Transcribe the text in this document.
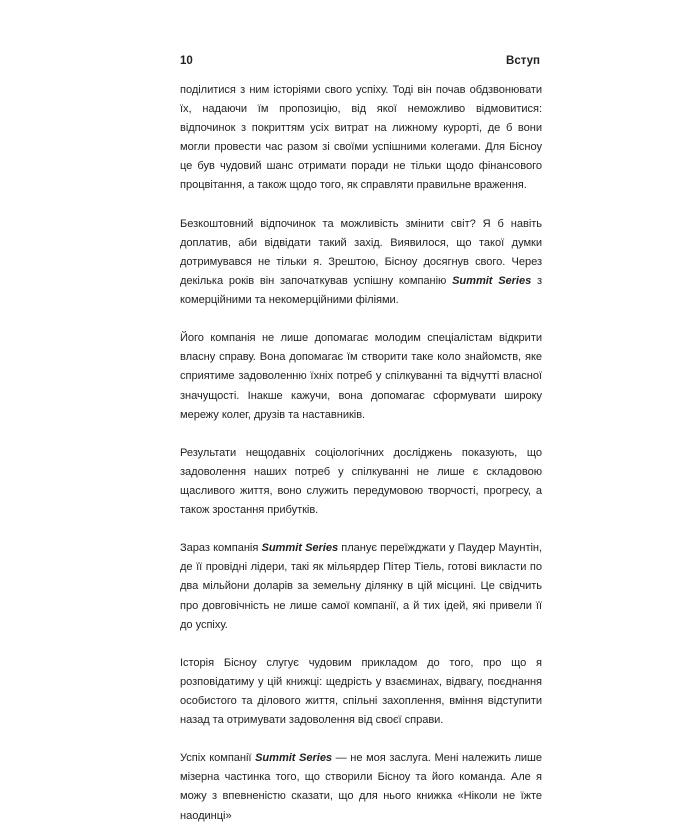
10	Вступ

поділитися з ним історіями свого успіху. Тоді він почав обдзвонювати їх, надаючи їм пропозицію, від якої неможливо відмовитися: відпочинок з покриттям усіх витрат на лижному курорті, де б вони могли провести час разом зі своїми успішними колегами. Для Бісноу це був чудовий шанс отримати поради не тільки щодо фінансового процвітання, а також щодо того, як справляти правильне враження.

Безкоштовний відпочинок та можливість змінити світ? Я б навіть доплатив, аби відвідати такий захід. Виявилося, що такої думки дотримувався не тільки я. Зрештою, Бісноу досягнув свого. Через декілька років він започаткував успішну компанію Summit Series з комерційними та некомерційними філіями.

Його компанія не лише допомагає молодим спеціалістам відкрити власну справу. Вона допомагає їм створити таке коло знайомств, яке сприятиме задоволенню їхніх потреб у спілкуванні та відчутті власної значущості. Інакше кажучи, вона допомагає сформувати широку мережу колег, друзів та наставників.

Результати нещодавніх соціологічних досліджень показують, що задоволення наших потреб у спілкуванні не лише є складовою щасливого життя, воно служить передумовою творчості, прогресу, а також зростання прибутків.

Зараз компанія Summit Series планує переїжджати у Паудер Маунтін, де її провідні лідери, такі як мільярдер Пітер Тіель, готові викласти по два мільйони доларів за земельну ділянку в цій місцині. Це свідчить про довговічність не лише самої компанії, а й тих ідей, які привели її до успіху.

Історія Бісноу слугує чудовим прикладом до того, про що я розповідатиму у цій книжці: щедрість у взаєминах, відвагу, поєднання особистого та ділового життя, спільні захоплення, вміння відступити назад та отримувати задоволення від своєї справи.

Успіх компанії Summit Series — не моя заслуга. Мені належить лише мізерна частинка того, що створили Бісноу та його команда. Але я можу з впевненістю сказати, що для нього книжка «Ніколи не їжте наодинці»
